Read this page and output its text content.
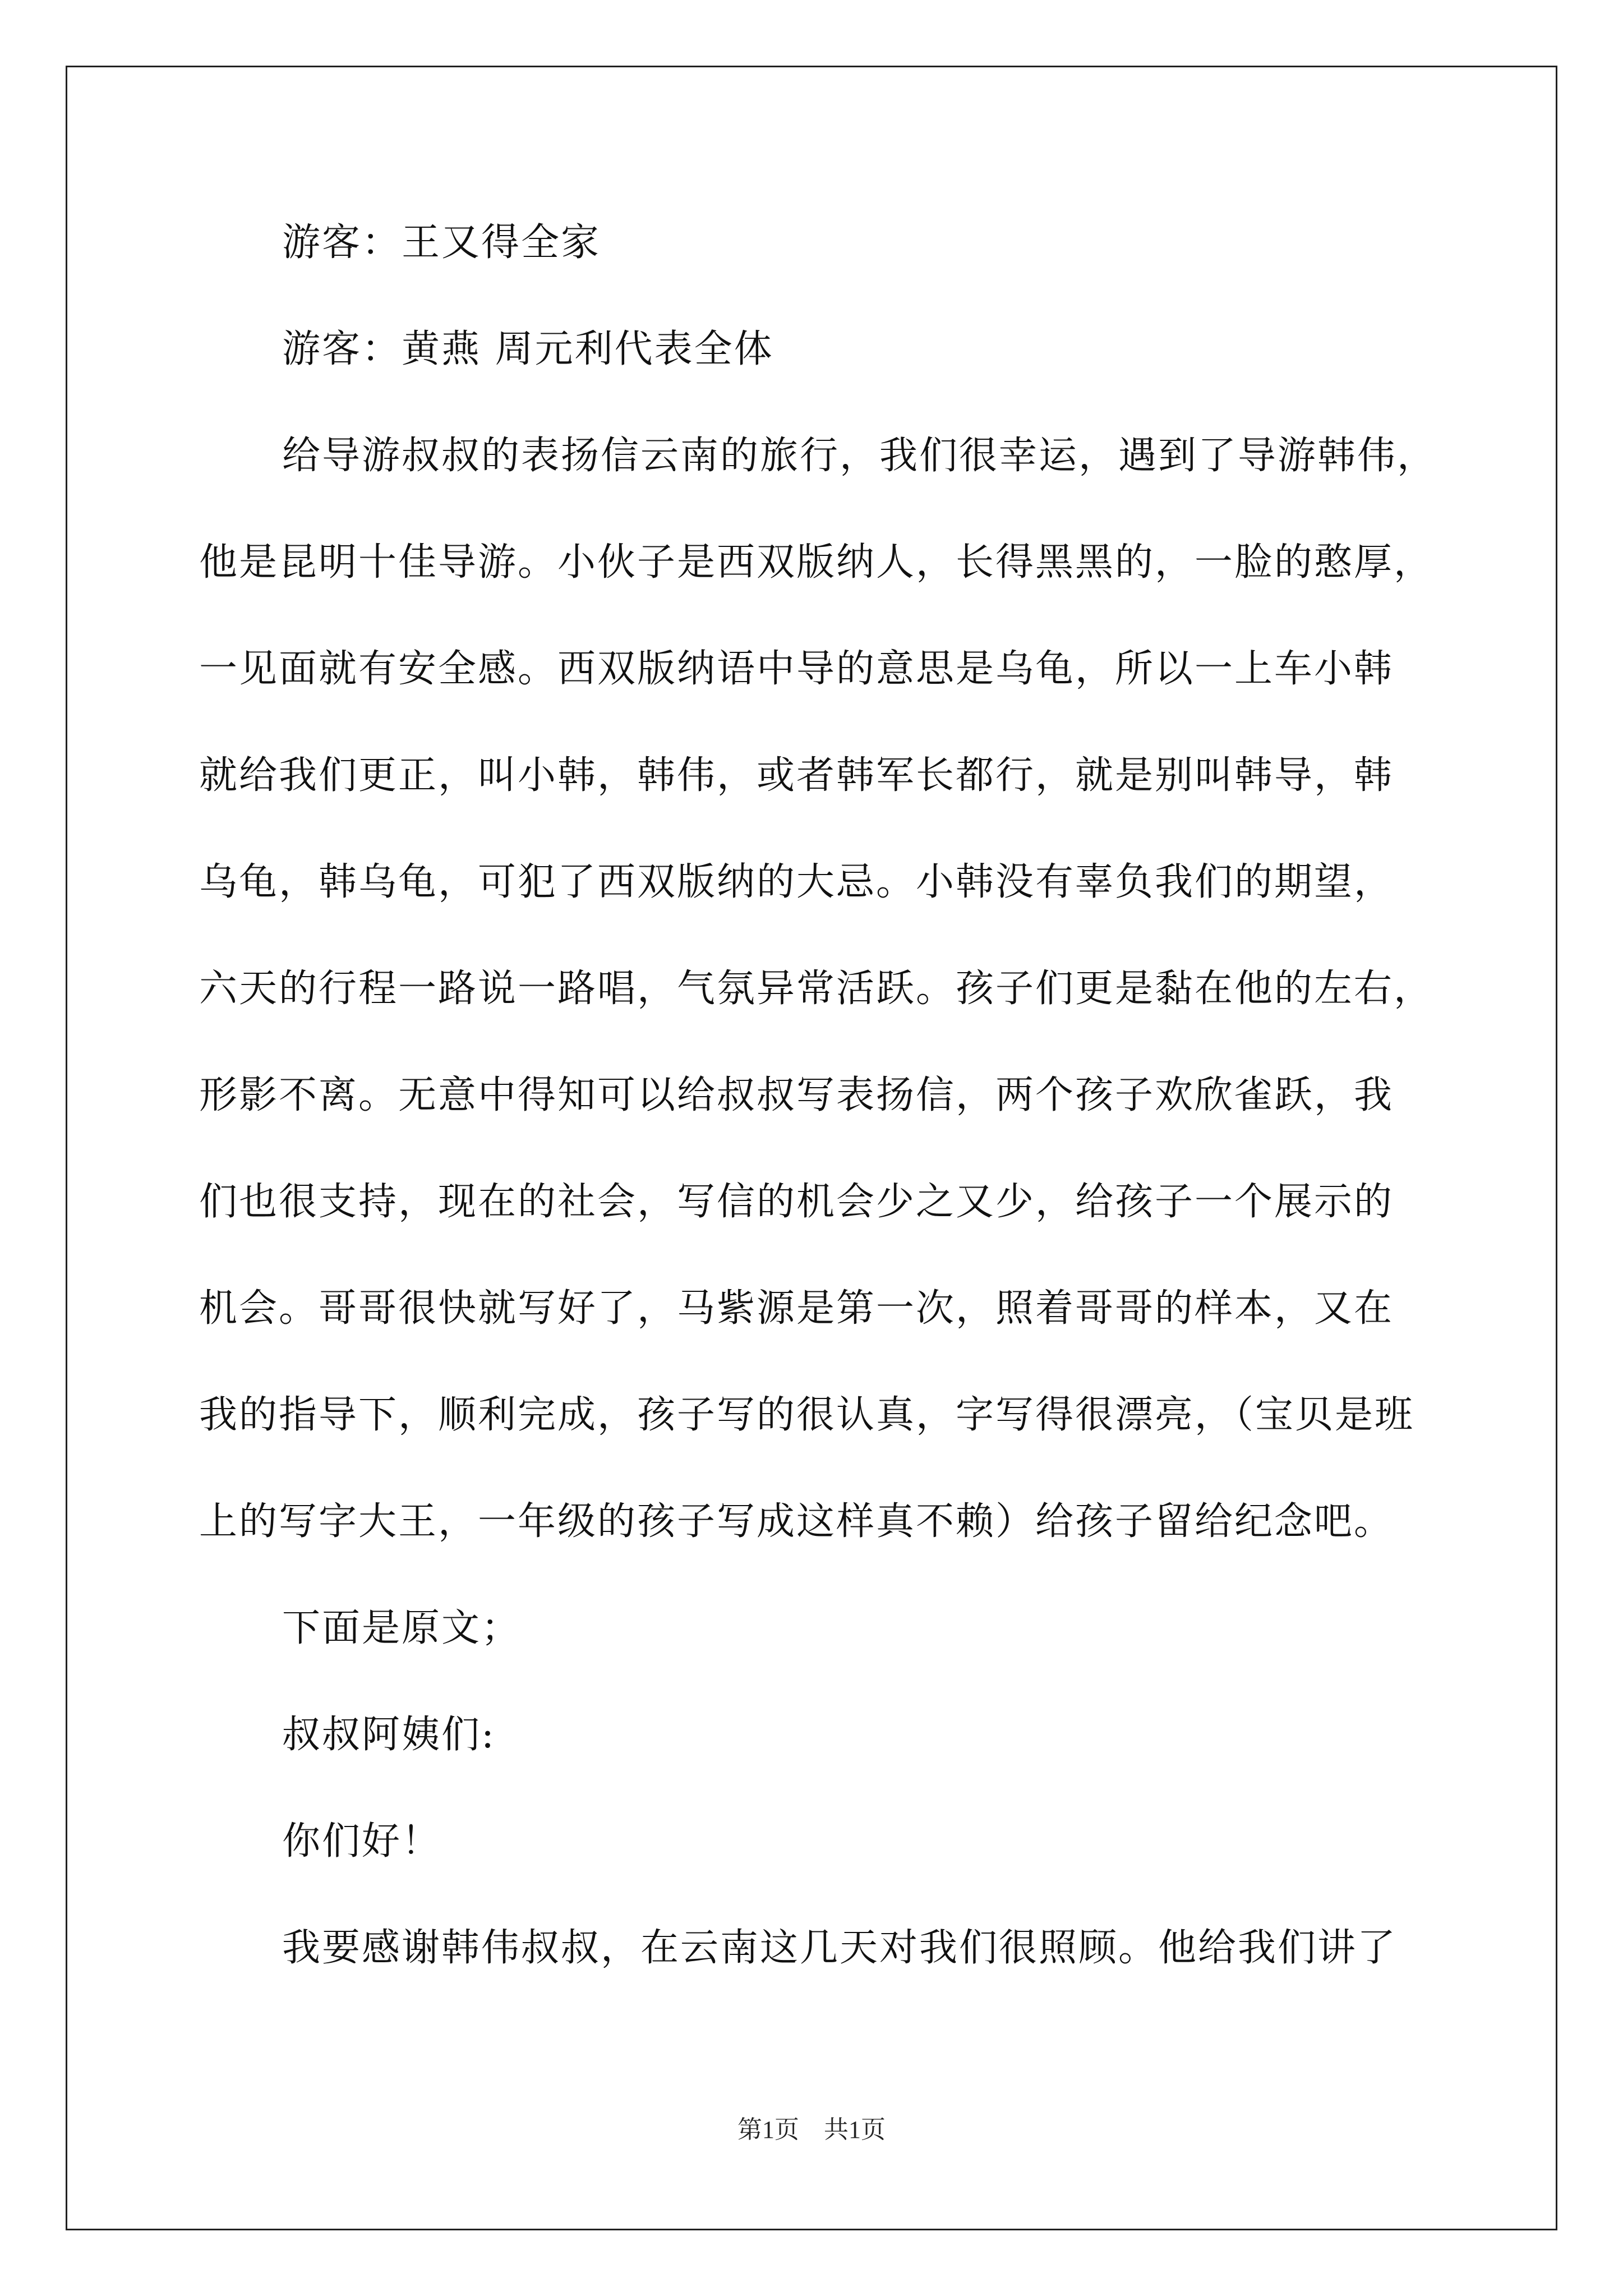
游客：王又得全家
游客：黄燕 周元利代表全体
给导游叔叔的表扬信云南的旅行，我们很幸运，遇到了导游韩伟，
他是昆明十佳导游。小伙子是西双版纳人，长得黑黑的，一脸的憨厚，
一见面就有安全感。西双版纳语中导的意思是乌龟，所以一上车小韩
就给我们更正，叫小韩，韩伟，或者韩军长都行，就是别叫韩导，韩
乌龟，韩乌龟，可犯了西双版纳的大忌。小韩没有辜负我们的期望，
六天的行程一路说一路唱，气氛异常活跃。孩子们更是黏在他的左右，
形影不离。无意中得知可以给叔叔写表扬信，两个孩子欢欣雀跃，我
们也很支持，现在的社会，写信的机会少之又少，给孩子一个展示的
机会。哥哥很快就写好了，马紫源是第一次，照着哥哥的样本，又在
我的指导下，顺利完成，孩子写的很认真，字写得很漂亮，（宝贝是班
上的写字大王，一年级的孩子写成这样真不赖）给孩子留给纪念吧。
下面是原文；
叔叔阿姨们:
你们好！
我要感谢韩伟叔叔，在云南这几天对我们很照顾。他给我们讲了
第1页 共1页
